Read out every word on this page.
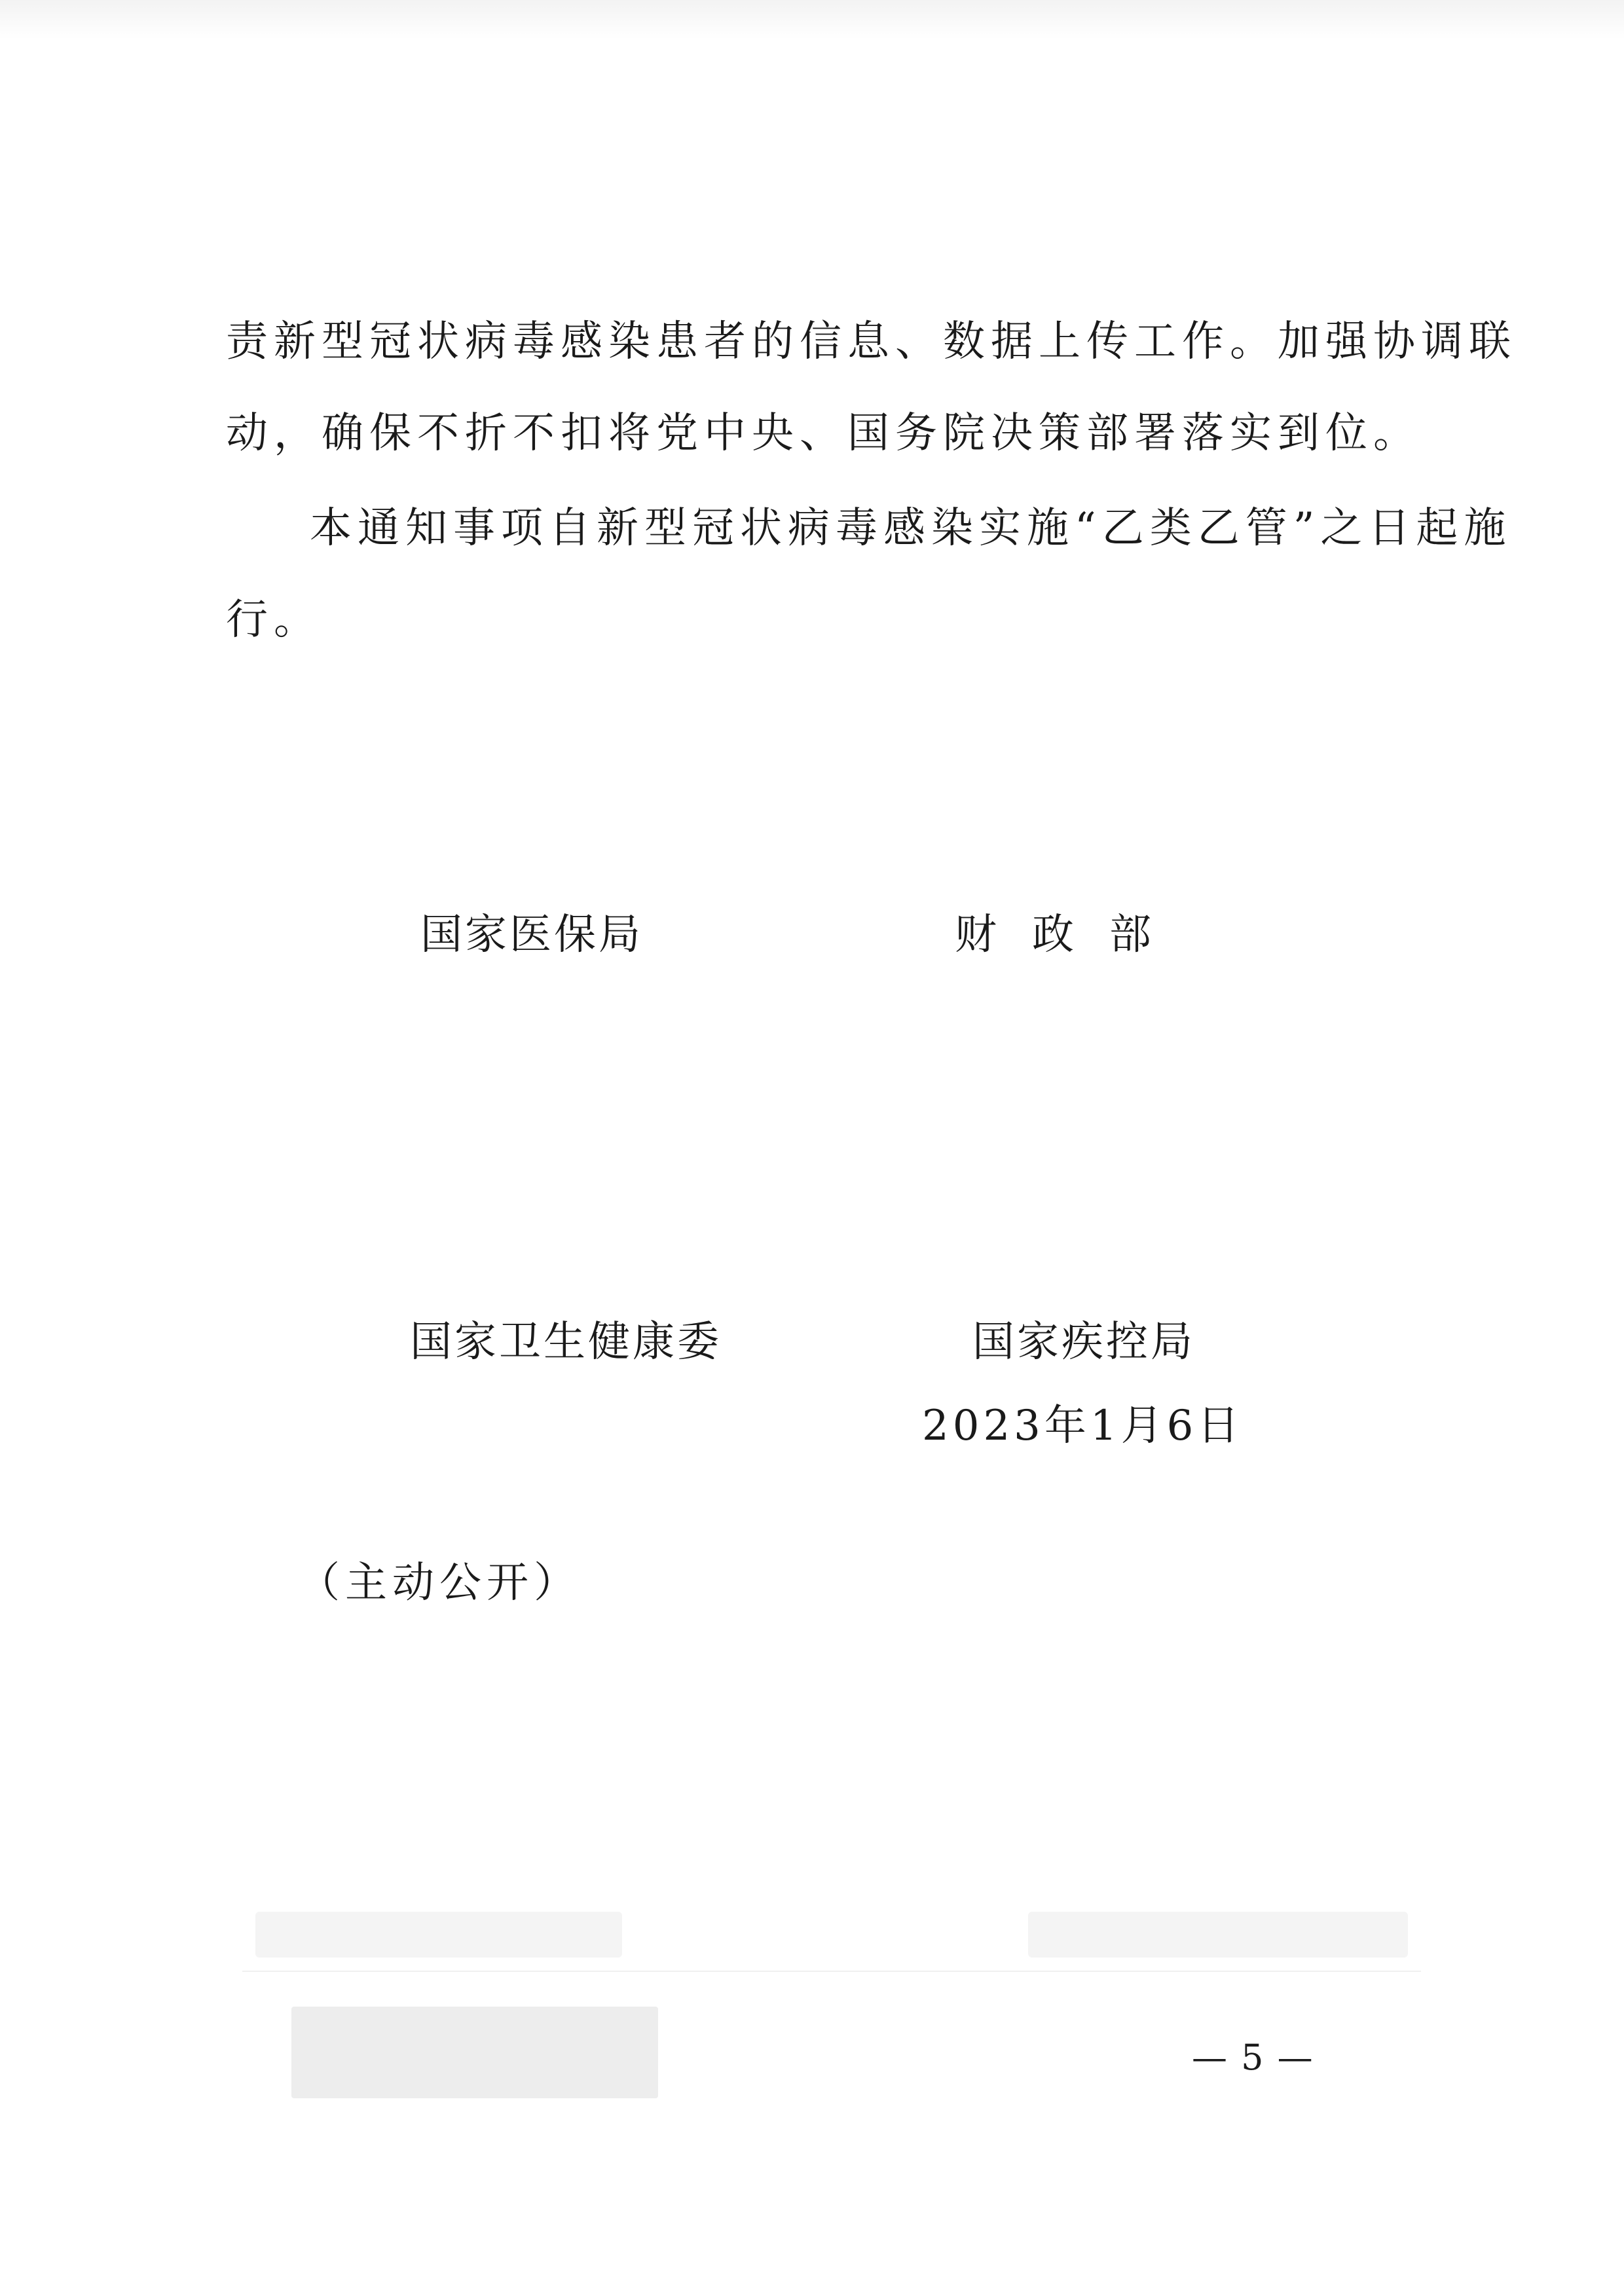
责新型冠状病毒感染患者的信息、数据上传工作。加强协调联
动，确保不折不扣将党中央、国务院决策部署落实到位。
本通知事项自新型冠状病毒感染实施“乙类乙管”之日起施
行。
国家医保局	财政部
国家卫生健康委	国家疾控局
2023年1月6日
（主动公开）
— 5 —
